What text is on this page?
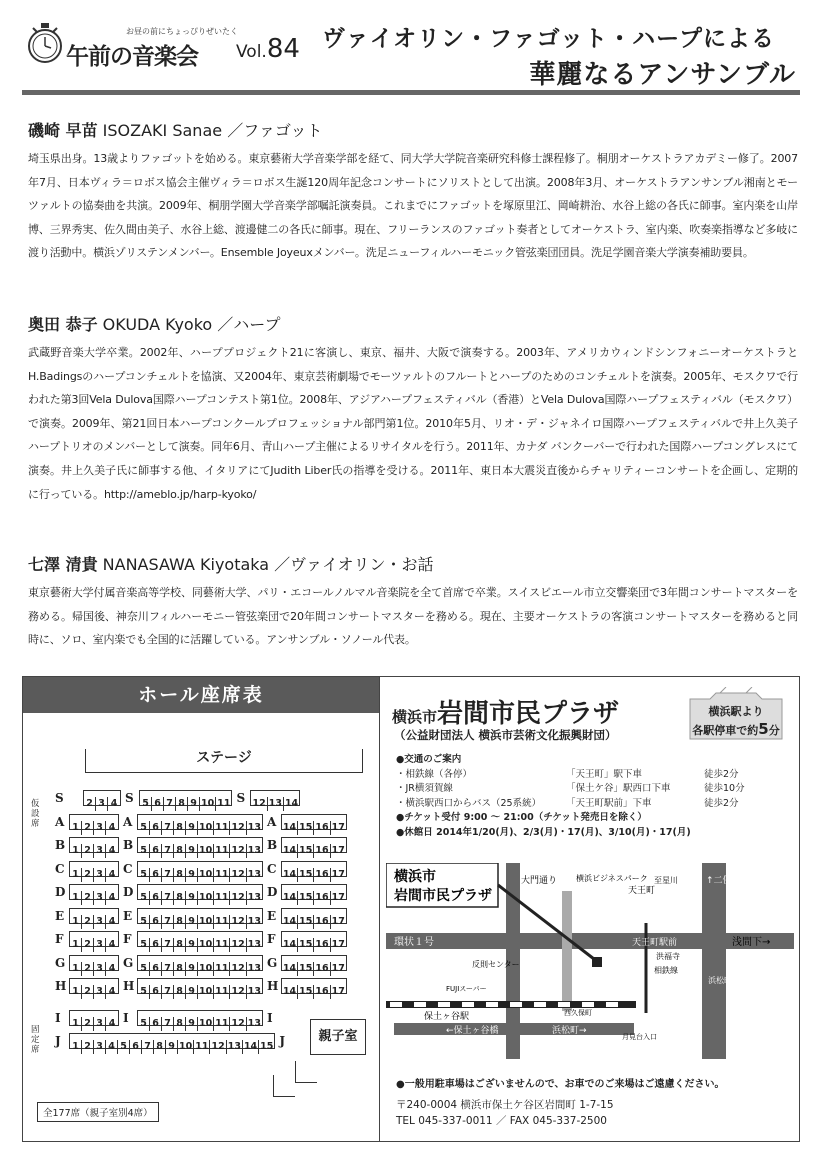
お昼の前にちょっぴりぜいたく
午前の音楽会 Vol.84 ヴァイオリン・ファゴット・ハープによる
華麗なるアンサンブル
磯崎 早苗 ISOZAKI Sanae ／ファゴット

埼玉県出身。13歳よりファゴットを始める。東京藝術大学音楽学部を経て、同大学大学院音楽研究科修士課程修了。桐朋オーケストラアカデミー修了。2007年7月、日本ヴィラ＝ロボス協会主催ヴィラ＝ロボス生誕120周年記念コンサートにソリストとして出演。2008年3月、オーケストラアンサンブル湘南とモーツァルトの協奏曲を共演。2009年、桐朋学園大学音楽学部嘱託演奏員。これまでにファゴットを塚原里江、岡崎耕治、水谷上総の各氏に師事。室内楽を山岸博、三界秀実、佐久間由美子、水谷上総、渡邊健二の各氏に師事。現在、フリーランスのファゴット奏者としてオーケストラ、室内楽、吹奏楽指導など多岐に渡り活動中。横浜ゾリステンメンバー。Ensemble Joyeuxメンバー。洗足ニューフィルハーモニック管弦楽団団員。洗足学園音楽大学演奏補助要員。

奥田 恭子 OKUDA Kyoko ／ハープ

武蔵野音楽大学卒業。2002年、ハーププロジェクト21に客演し、東京、福井、大阪で演奏する。2003年、アメリカウィンドシンフォニーオーケストラとH.Badingsのハープコンチェルトを協演、又2004年、東京芸術劇場でモーツァルトのフルートとハープのためのコンチェルトを演奏。2005年、モスクワで行われた第3回Vela Dulova国際ハープコンテスト第1位。2008年、アジアハープフェスティバル（香港）とVela Dulova国際ハープフェスティバル（モスクワ）で演奏。2009年、第21回日本ハープコンクールプロフェッショナル部門第1位。2010年5月、リオ・デ・ジャネイロ国際ハープフェスティバルで井上久美子ハープトリオのメンバーとして演奏。同年6月、青山ハープ主催によるリサイタルを行う。2011年、カナダ バンクーバーで行われた国際ハープコングレスにて演奏。井上久美子氏に師事する他、イタリアにてJudith Liber氏の指導を受ける。2011年、東日本大震災直後からチャリティーコンサートを企画し、定期的に行っている。http://ameblo.jp/harp-kyoko/

七澤 清貴 NANASAWA Kiyotaka ／ヴァイオリン・お話

東京藝術大学付属音楽高等学校、同藝術大学、パリ・エコールノルマル音楽院を全て首席で卒業。スイスビエール市立交響楽団で3年間コンサートマスターを務める。帰国後、神奈川フィルハーモニー管弦楽団で20年間コンサートマスターを務める。現在、主要オーケストラの客演コンサートマスターを務めると同時に、ソロ、室内楽でも全国的に活躍している。アンサンブル・ソノール代表。

ホール座席表
ステージ
仮設席
固定席
S 2 3 4 S 5 6 7 8 9 10 11 S 12 13 14
A 1 2 3 4 A 5 6 7 8 9 10 11 12 13 A 14 15 16 17
B 1 2 3 4 B 5 6 7 8 9 10 11 12 13 B 14 15 16 17
C 1 2 3 4 C 5 6 7 8 9 10 11 12 13 C 14 15 16 17
D 1 2 3 4 D 5 6 7 8 9 10 11 12 13 D 14 15 16 17
E 1 2 3 4 E 5 6 7 8 9 10 11 12 13 E 14 15 16 17
F 1 2 3 4 F 5 6 7 8 9 10 11 12 13 F 14 15 16 17
G 1 2 3 4 G 5 6 7 8 9 10 11 12 13 G 14 15 16 17
H 1 2 3 4 H 5 6 7 8 9 10 11 12 13 H 14 15 16 17
I 1 2 3 4 I 5 6 7 8 9 10 11 12 13 I
J 1 2 3 4 5 6 7 8 9 10 11 12 13 14 15 J	親子室
全177席（親子室別4席）
横浜市岩間市民プラザ
（公益財団法人 横浜市芸術文化振興財団）
横浜駅より
各駅停車で約5分
●交通のご案内
・相鉄線（各停）	「天王町」駅下車	徒歩2分
・JR横須賀線	「保土ケ谷」駅西口下車	徒歩10分
・横浜駅西口からバス（25系統）	「天王町駅前」下車	徒歩2分
●チケット受付 9:00 ～ 21:00（チケット発売日を除く）
●休館日 2014年1/20(月)、2/3(月)・17(月)、3/10(月)・17(月)
横浜市
岩間市民プラザ
環状１号
大門通り 横浜ビジネスパーク
天王町
天王町駅前	浅間下→
↑二俣川
至星川
相鉄線
反則センター
FUJIスーパー
洪福寺
保土ヶ谷駅
←保土ヶ谷橋	浜松町→
浜松町↓
西久保町
月見台入口
●一般用駐車場はございませんので、お車でのご来場はご遠慮ください。
〒240-0004 横浜市保土ケ谷区岩間町 1-7-15
TEL 045-337-0011 ／ FAX 045-337-2500
